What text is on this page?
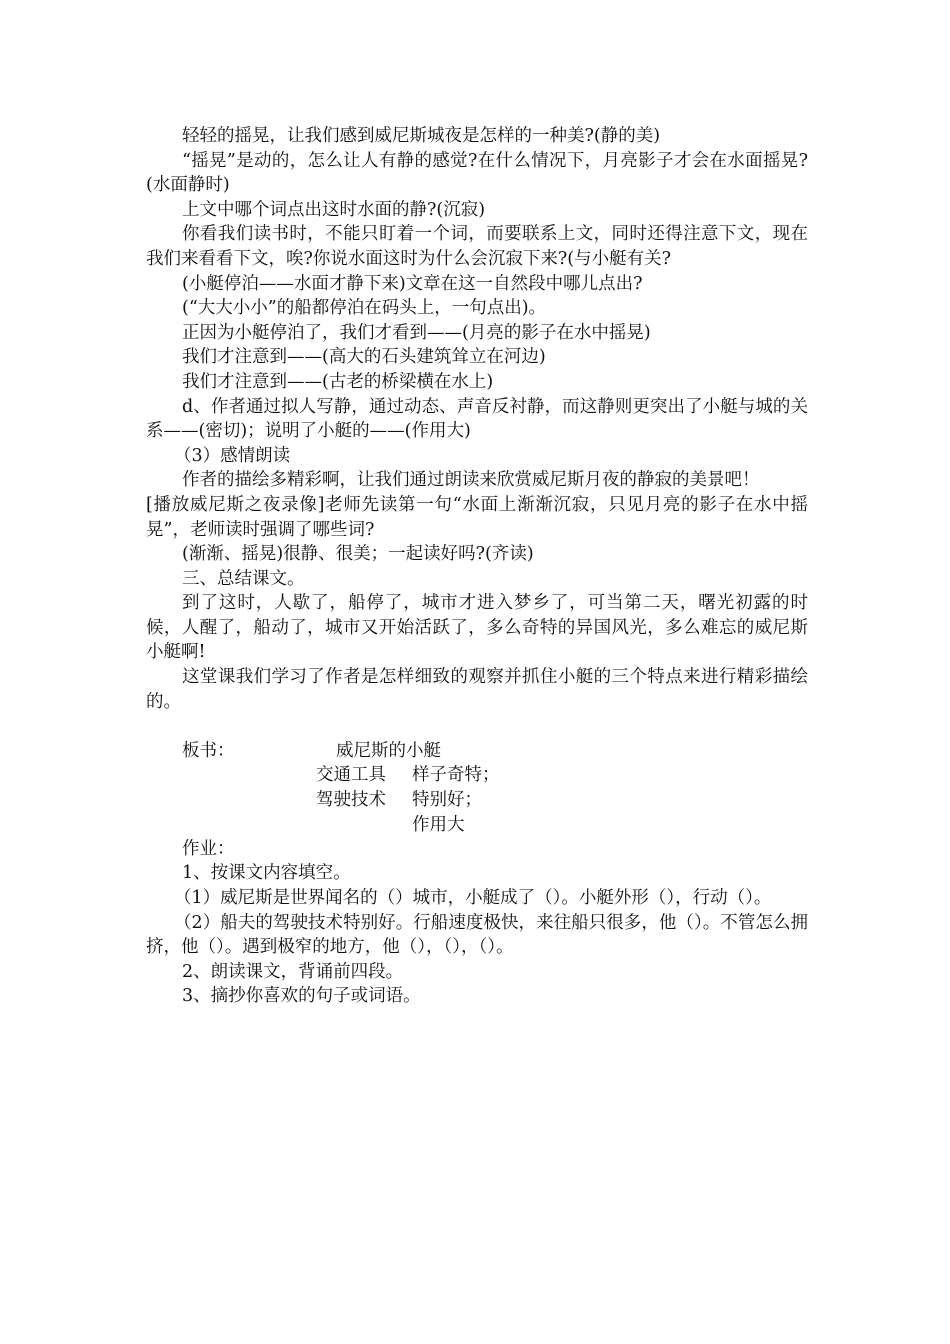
轻轻的摇晃，让我们感到威尼斯城夜是怎样的一种美?(静的美)

“摇晃”是动的，怎么让人有静的感觉?在什么情况下，月亮影子才会在水面摇晃? (水面静时)

上文中哪个词点出这时水面的静?(沉寂)

你看我们读书时，不能只盯着一个词，而要联系上文，同时还得注意下文，现在我们来看看下文，唉?你说水面这时为什么会沉寂下来?(与小艇有关?

(小艇停泊——水面才静下来)文章在这一自然段中哪儿点出?

(“大大小小”的船都停泊在码头上，一句点出)。

正因为小艇停泊了，我们才看到——(月亮的影子在水中摇晃)

我们才注意到——(高大的石头建筑耸立在河边)

我们才注意到——(古老的桥梁横在水上)

d、作者通过拟人写静，通过动态、声音反衬静，而这静则更突出了小艇与城的关系——(密切)；说明了小艇的——(作用大)

（3）感情朗读

作者的描绘多精彩啊，让我们通过朗读来欣赏威尼斯月夜的静寂的美景吧！

[播放威尼斯之夜录像]老师先读第一句“水面上渐渐沉寂，只见月亮的影子在水中摇晃”，老师读时强调了哪些词?

(渐渐、摇晃)很静、很美；一起读好吗?(齐读)

三、总结课文。

到了这时，人歇了，船停了，城市才进入梦乡了，可当第二天，曙光初露的时候，人醒了，船动了，城市又开始活跃了，多么奇特的异国风光，多么难忘的威尼斯小艇啊!

这堂课我们学习了作者是怎样细致的观察并抓住小艇的三个特点来进行精彩描绘的。

板书：	威尼斯的小艇
交通工具 样子奇特；
驾驶技术 特别好；
作用大

作业：

1、按课文内容填空。

（1）威尼斯是世界闻名的（）城市，小艇成了（）。小艇外形（），行动（）。

（2）船夫的驾驶技术特别好。行船速度极快，来往船只很多，他（）。不管怎么拥挤，他（）。遇到极窄的地方，他（），（），（）。

2、朗读课文，背诵前四段。

3、摘抄你喜欢的句子或词语。
